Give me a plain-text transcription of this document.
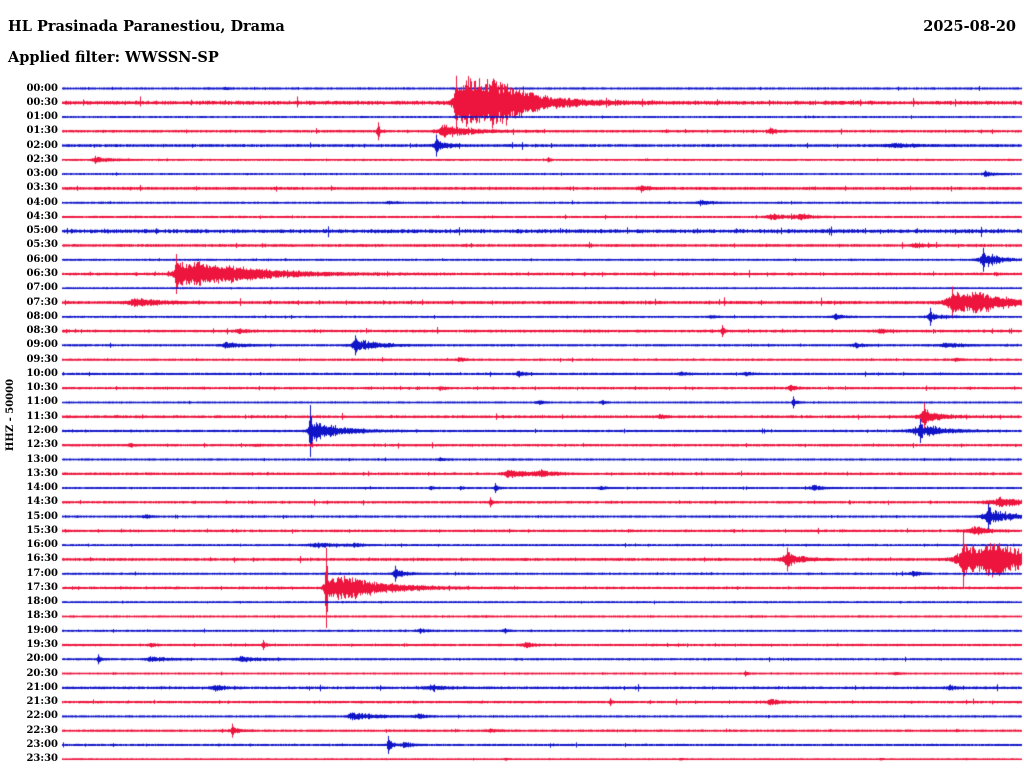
HL Prasinada Paranestiou, Drama	2025-08-20
Applied filter: WWSSN-SP
HHZ - 50000
00:00
00:30
01:00
01:30
02:00
02:30
03:00
03:30
04:00
04:30
05:00
05:30
06:00
06:30
07:00
07:30
08:00
08:30
09:00
09:30
10:00
10:30
11:00
11:30
12:00
12:30
13:00
13:30
14:00
14:30
15:00
15:30
16:00
16:30
17:00
17:30
18:00
18:30
19:00
19:30
20:00
20:30
21:00
21:30
22:00
22:30
23:00
23:30
